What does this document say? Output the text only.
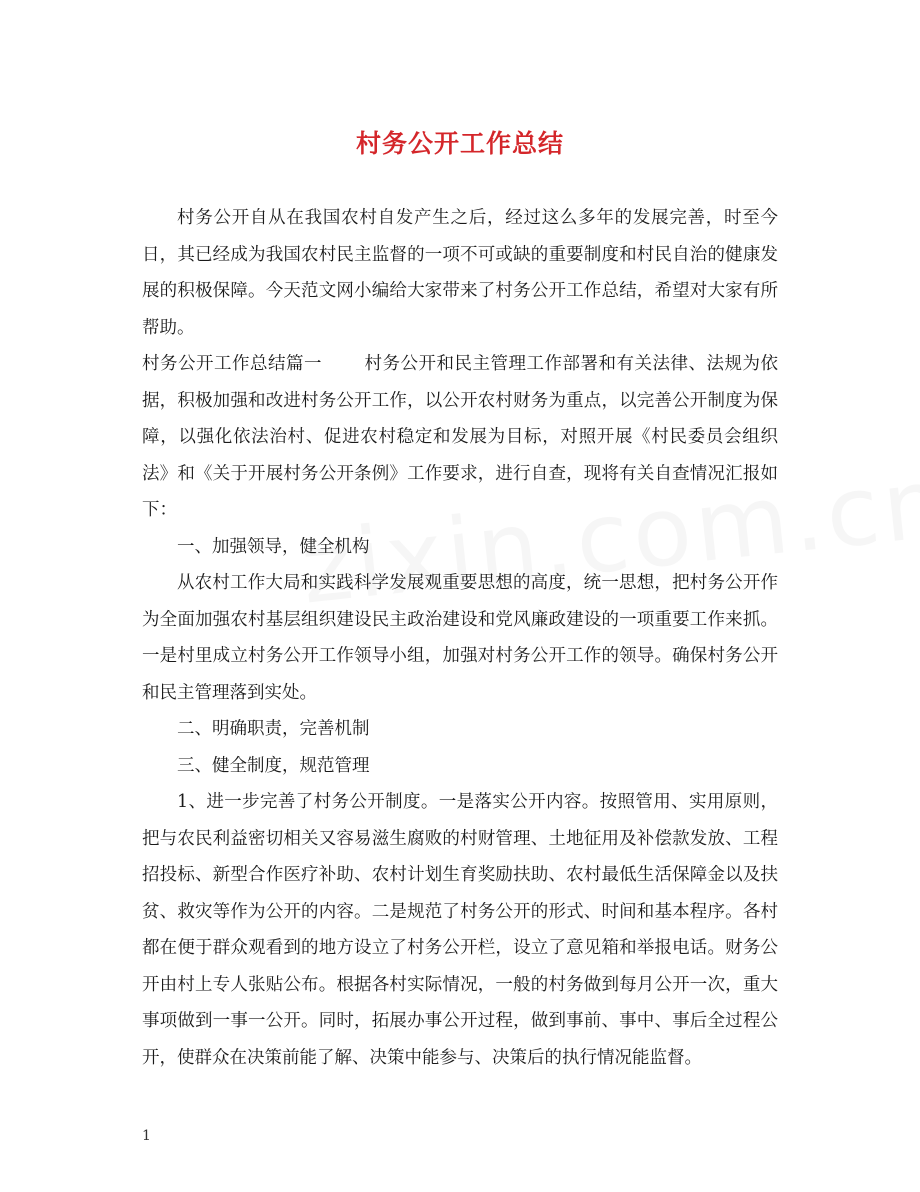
村务公开工作总结

村务公开自从在我国农村自发产生之后，经过这么多年的发展完善，时至今日，其已经成为我国农村民主监督的一项不可或缺的重要制度和村民自治的健康发展的积极保障。今天范文网小编给大家带来了村务公开工作总结，希望对大家有所帮助。

村务公开工作总结篇一 村务公开和民主管理工作部署和有关法律、法规为依据，积极加强和改进村务公开工作，以公开农村财务为重点，以完善公开制度为保障，以强化依法治村、促进农村稳定和发展为目标，对照开展《村民委员会组织法》和《关于开展村务公开条例》工作要求，进行自查，现将有关自查情况汇报如下：

一、加强领导，健全机构

从农村工作大局和实践科学发展观重要思想的高度，统一思想，把村务公开作为全面加强农村基层组织建设民主政治建设和党风廉政建设的一项重要工作来抓。一是村里成立村务公开工作领导小组，加强对村务公开工作的领导。确保村务公开和民主管理落到实处。

二、明确职责，完善机制

三、健全制度，规范管理

1、进一步完善了村务公开制度。一是落实公开内容。按照管用、实用原则，把与农民利益密切相关又容易滋生腐败的村财管理、土地征用及补偿款发放、工程招投标、新型合作医疗补助、农村计划生育奖励扶助、农村最低生活保障金以及扶贫、救灾等作为公开的内容。二是规范了村务公开的形式、时间和基本程序。各村都在便于群众观看到的地方设立了村务公开栏，设立了意见箱和举报电话。财务公开由村上专人张贴公布。根据各村实际情况，一般的村务做到每月公开一次，重大事项做到一事一公开。同时，拓展办事公开过程，做到事前、事中、事后全过程公开，使群众在决策前能了解、决策中能参与、决策后的执行情况能监督。

1
